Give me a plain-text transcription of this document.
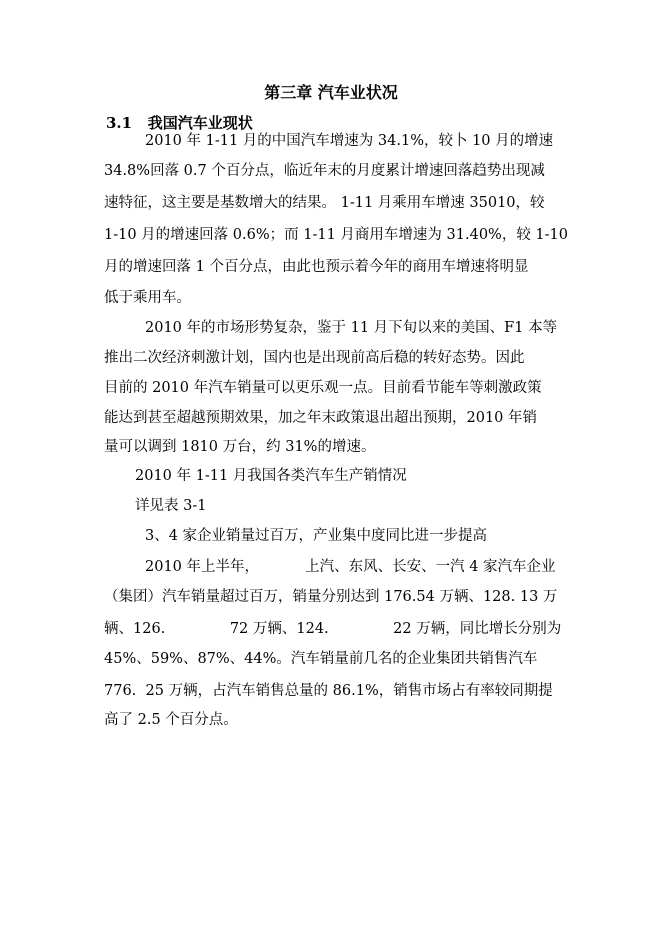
第三章 汽车业状况
3.1 我国汽车业现状
2010 年 1-11 月的中国汽车增速为 34.1%，较卜 10 月的增速
34.8%回落 0.7 个百分点，临近年末的月度累计增速回落趋势出现减
速特征，这主要是基数增大的结果。 1-11 月乘用车增速 35010，较
1-10 月的增速回落 0.6%；而 1-11 月商用车增速为 31.40%，较 1-10
月的增速回落 1 个百分点，由此也预示着今年的商用车增速将明显
低于乘用车。
2010 年的市场形势复杂，鉴于 11 月下旬以来的美国、F1 本等
推出二次经济刺激计划，国内也是出现前高后稳的转好态势。因此
目前的 2010 年汽车销量可以更乐观一点。目前看节能车等刺激政策
能达到甚至超越预期效果，加之年末政策退出超出预期，2010 年销
量可以调到 1810 万台，约 31%的增速。
2010 年 1-11 月我国各类汽车生产销情况
详见表 3-1
3、4 家企业销量过百万，产业集中度同比进一步提高
2010 年上半年，          上汽、东风、长安、一汽 4 家汽车企业
（集团）汽车销量超过百万，销量分别达到 176.54 万辆、128. 13 万
辆、126.              72 万辆、124.              22 万辆，同比增长分别为
45%、59%、87%、44%。汽车销量前几名的企业集团共销售汽车
776.  25 万辆，占汽车销售总量的 86.1%，销售市场占有率较同期提
高了 2.5 个百分点。
